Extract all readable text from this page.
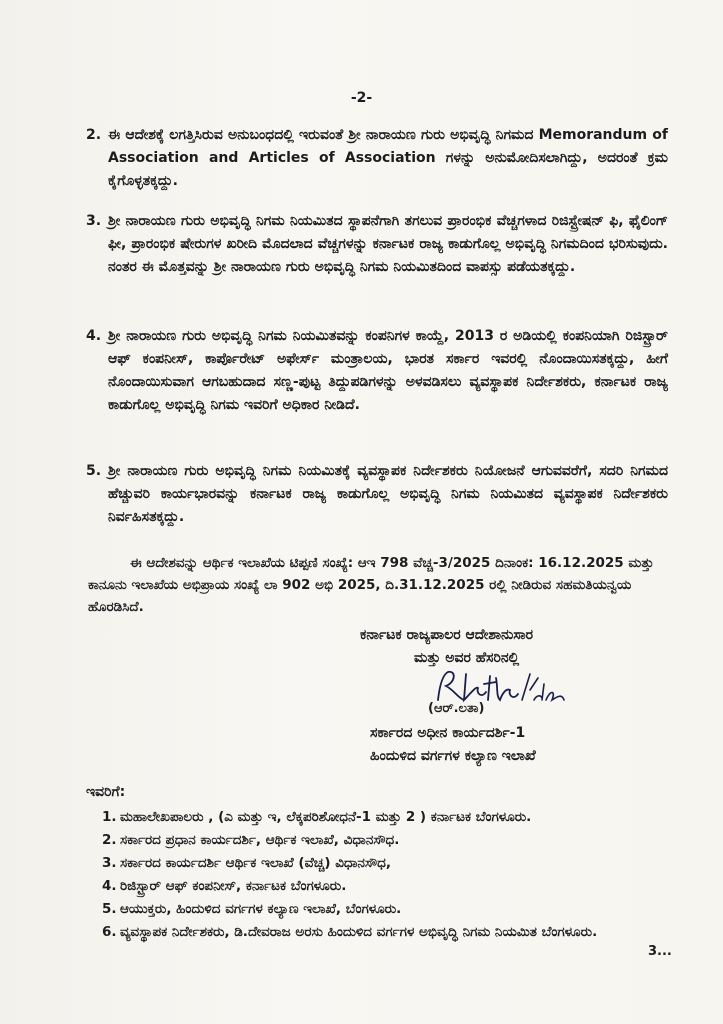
-2-
2. ಈ ಆದೇಶಕ್ಕೆ ಲಗತ್ತಿಸಿರುವ ಅನುಬಂಧದಲ್ಲಿ ಇರುವಂತೆ ಶ್ರೀ ನಾರಾಯಣ ಗುರು ಅಭಿವೃದ್ಧಿ ನಿಗಮದ Memorandum of Association and Articles of Association ಗಳನ್ನು ಅನುಮೋದಿಸಲಾಗಿದ್ದು, ಅದರಂತೆ ಕ್ರಮ ಕೈಗೊಳ್ಳತಕ್ಕದ್ದು.
3. ಶ್ರೀ ನಾರಾಯಣ ಗುರು ಅಭಿವೃದ್ಧಿ ನಿಗಮ ನಿಯಮಿತದ ಸ್ಥಾಪನೆಗಾಗಿ ತಗಲುವ ಪ್ರಾರಂಭಿಕ ವೆಚ್ಚಗಳಾದ ರಿಜಿಸ್ಟ್ರೇಷನ್ ಫಿ, ಫೈಲಿಂಗ್ ಫೀ, ಪ್ರಾರಂಭಿಕ ಷೇರುಗಳ ಖರೀದಿ ಮೊದಲಾದ ವೆಚ್ಚಗಳನ್ನು ಕರ್ನಾಟಕ ರಾಜ್ಯ ಕಾಡುಗೊಲ್ಲ ಅಭಿವೃದ್ಧಿ ನಿಗಮದಿಂದ ಭರಿಸುವುದು. ನಂತರ ಈ ಮೊತ್ತವನ್ನು ಶ್ರೀ ನಾರಾಯಣ ಗುರು ಅಭಿವೃದ್ಧಿ ನಿಗಮ ನಿಯಮಿತದಿಂದ ವಾಪಸ್ಸು ಪಡೆಯತಕ್ಕದ್ದು.
4. ಶ್ರೀ ನಾರಾಯಣ ಗುರು ಅಭಿವೃದ್ಧಿ ನಿಗಮ ನಿಯಮಿತವನ್ನು ಕಂಪನಿಗಳ ಕಾಯ್ದೆ, 2013 ರ ಅಡಿಯಲ್ಲಿ ಕಂಪನಿಯಾಗಿ ರಿಜಿಸ್ಟ್ರಾರ್ ಆಫ್ ಕಂಪನೀಸ್, ಕಾರ್ಪೊರೇಟ್ ಅಫೇರ್ಸ್ ಮಂತ್ರಾಲಯ, ಭಾರತ ಸರ್ಕಾರ ಇವರಲ್ಲಿ ನೊಂದಾಯಿಸತಕ್ಕದ್ದು, ಹೀಗೆ ನೊಂದಾಯಿಸುವಾಗ ಆಗಬಹುದಾದ ಸಣ್ಣ-ಪುಟ್ಟ ತಿದ್ದುಪಡಿಗಳನ್ನು ಅಳವಡಿಸಲು ವ್ಯವಸ್ಥಾಪಕ ನಿರ್ದೇಶಕರು, ಕರ್ನಾಟಕ ರಾಜ್ಯ ಕಾಡುಗೊಲ್ಲ ಅಭಿವೃದ್ಧಿ ನಿಗಮ ಇವರಿಗೆ ಅಧಿಕಾರ ನೀಡಿದೆ.
5. ಶ್ರೀ ನಾರಾಯಣ ಗುರು ಅಭಿವೃದ್ಧಿ ನಿಗಮ ನಿಯಮಿತಕ್ಕೆ ವ್ಯವಸ್ಥಾಪಕ ನಿರ್ದೇಶಕರು ನಿಯೋಜನೆ ಆಗುವವರೆಗೆ, ಸದರಿ ನಿಗಮದ ಹೆಚ್ಚುವರಿ ಕಾರ್ಯಭಾರವನ್ನು ಕರ್ನಾಟಕ ರಾಜ್ಯ ಕಾಡುಗೊಲ್ಲ ಅಭಿವೃದ್ಧಿ ನಿಗಮ ನಿಯಮಿತದ ವ್ಯವಸ್ಥಾಪಕ ನಿರ್ದೇಶಕರು ನಿರ್ವಹಿಸತಕ್ಕದ್ದು.
ಈ ಆದೇಶವನ್ನು ಆರ್ಥಿಕ ಇಲಾಖೆಯ ಟಿಪ್ಪಣಿ ಸಂಖ್ಯೆ: ಆಇ 798 ವೆಚ್ಚ-3/2025 ದಿನಾಂಕ: 16.12.2025 ಮತ್ತು ಕಾನೂನು ಇಲಾಖೆಯ ಅಭಿಪ್ರಾಯ ಸಂಖ್ಯೆ ಲಾ 902 ಅಭಿ 2025, ದಿ.31.12.2025 ರಲ್ಲಿ ನೀಡಿರುವ ಸಹಮತಿಯನ್ವಯ ಹೊರಡಿಸಿದೆ.
ಕರ್ನಾಟಕ ರಾಜ್ಯಪಾಲರ ಆದೇಶಾನುಸಾರ
ಮತ್ತು ಅವರ ಹೆಸರಿನಲ್ಲಿ
(ಆರ್.ಲತಾ)
ಸರ್ಕಾರದ ಅಧೀನ ಕಾರ್ಯದರ್ಶಿ-1
ಹಿಂದುಳಿದ ವರ್ಗಗಳ ಕಲ್ಯಾಣ ಇಲಾಖೆ
ಇವರಿಗೆ:
1. ಮಹಾಲೇಖಪಾಲರು , (ಎ ಮತ್ತು ಇ, ಲೆಕ್ಕಪರಿಶೋಧನೆ-1 ಮತ್ತು 2 ) ಕರ್ನಾಟಕ ಬೆಂಗಳೂರು.
2. ಸರ್ಕಾರದ ಪ್ರಧಾನ ಕಾರ್ಯದರ್ಶಿ, ಆರ್ಥಿಕ ಇಲಾಖೆ, ವಿಧಾನಸೌಧ.
3. ಸರ್ಕಾರದ ಕಾರ್ಯದರ್ಶಿ ಆರ್ಥಿಕ ಇಲಾಖೆ (ವೆಚ್ಚ) ವಿಧಾನಸೌಧ,
4. ರಿಜಿಸ್ಟ್ರಾರ್ ಆಫ್ ಕಂಪನೀಸ್, ಕರ್ನಾಟಕ ಬೆಂಗಳೂರು.
5. ಆಯುಕ್ತರು, ಹಿಂದುಳಿದ ವರ್ಗಗಳ ಕಲ್ಯಾಣ ಇಲಾಖೆ, ಬೆಂಗಳೂರು.
6. ವ್ಯವಸ್ಥಾಪಕ ನಿರ್ದೇಶಕರು, ಡಿ.ದೇವರಾಜ ಅರಸು ಹಿಂದುಳಿದ ವರ್ಗಗಳ ಅಭಿವೃದ್ಧಿ ನಿಗಮ ನಿಯಮಿತ ಬೆಂಗಳೂರು.
3...
